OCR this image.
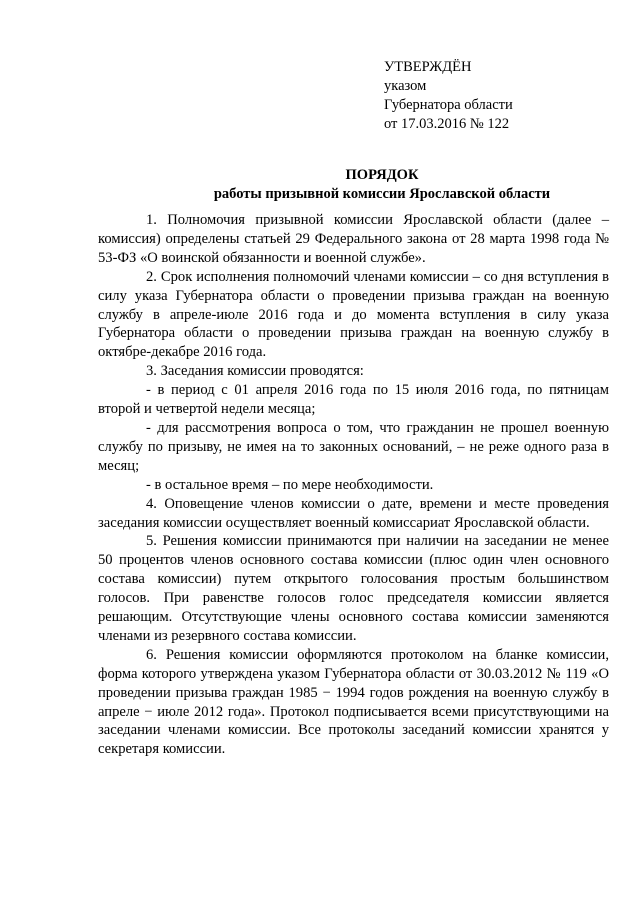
УТВЕРЖДЁН
указом
Губернатора области
от 17.03.2016 № 122
ПОРЯДОК
работы призывной комиссии Ярославской области

1. Полномочия призывной комиссии Ярославской области (далее – комиссия) определены статьей 29 Федерального закона от 28 марта 1998 года № 53-ФЗ «О воинской обязанности и военной службе».

2. Срок исполнения полномочий членами комиссии – со дня вступления в силу указа Губернатора области о проведении призыва граждан на военную службу в апреле-июле 2016 года и до момента вступления в силу указа Губернатора области о проведении призыва граждан на военную службу в октябре-декабре 2016 года.

3. Заседания комиссии проводятся:

- в период с 01 апреля 2016 года по 15 июля 2016 года, по пятницам второй и четвертой недели месяца;

- для рассмотрения вопроса о том, что гражданин не прошел военную службу по призыву, не имея на то законных оснований, – не реже одного раза в месяц;

- в остальное время – по мере необходимости.

4. Оповещение членов комиссии о дате, времени и месте проведения заседания комиссии осуществляет военный комиссариат Ярославской области.

5. Решения комиссии принимаются при наличии на заседании не менее 50 процентов членов основного состава комиссии (плюс один член основного состава комиссии) путем открытого голосования простым большинством голосов. При равенстве голосов голос председателя комиссии является решающим. Отсутствующие члены основного состава комиссии заменяются членами из резервного состава комиссии.

6. Решения комиссии оформляются протоколом на бланке комиссии, форма которого утверждена указом Губернатора области от 30.03.2012 № 119 «О проведении призыва граждан 1985 − 1994 годов рождения на военную службу в апреле − июле 2012 года». Протокол подписывается всеми присутствующими на заседании членами комиссии. Все протоколы заседаний комиссии хранятся у секретаря комиссии.
